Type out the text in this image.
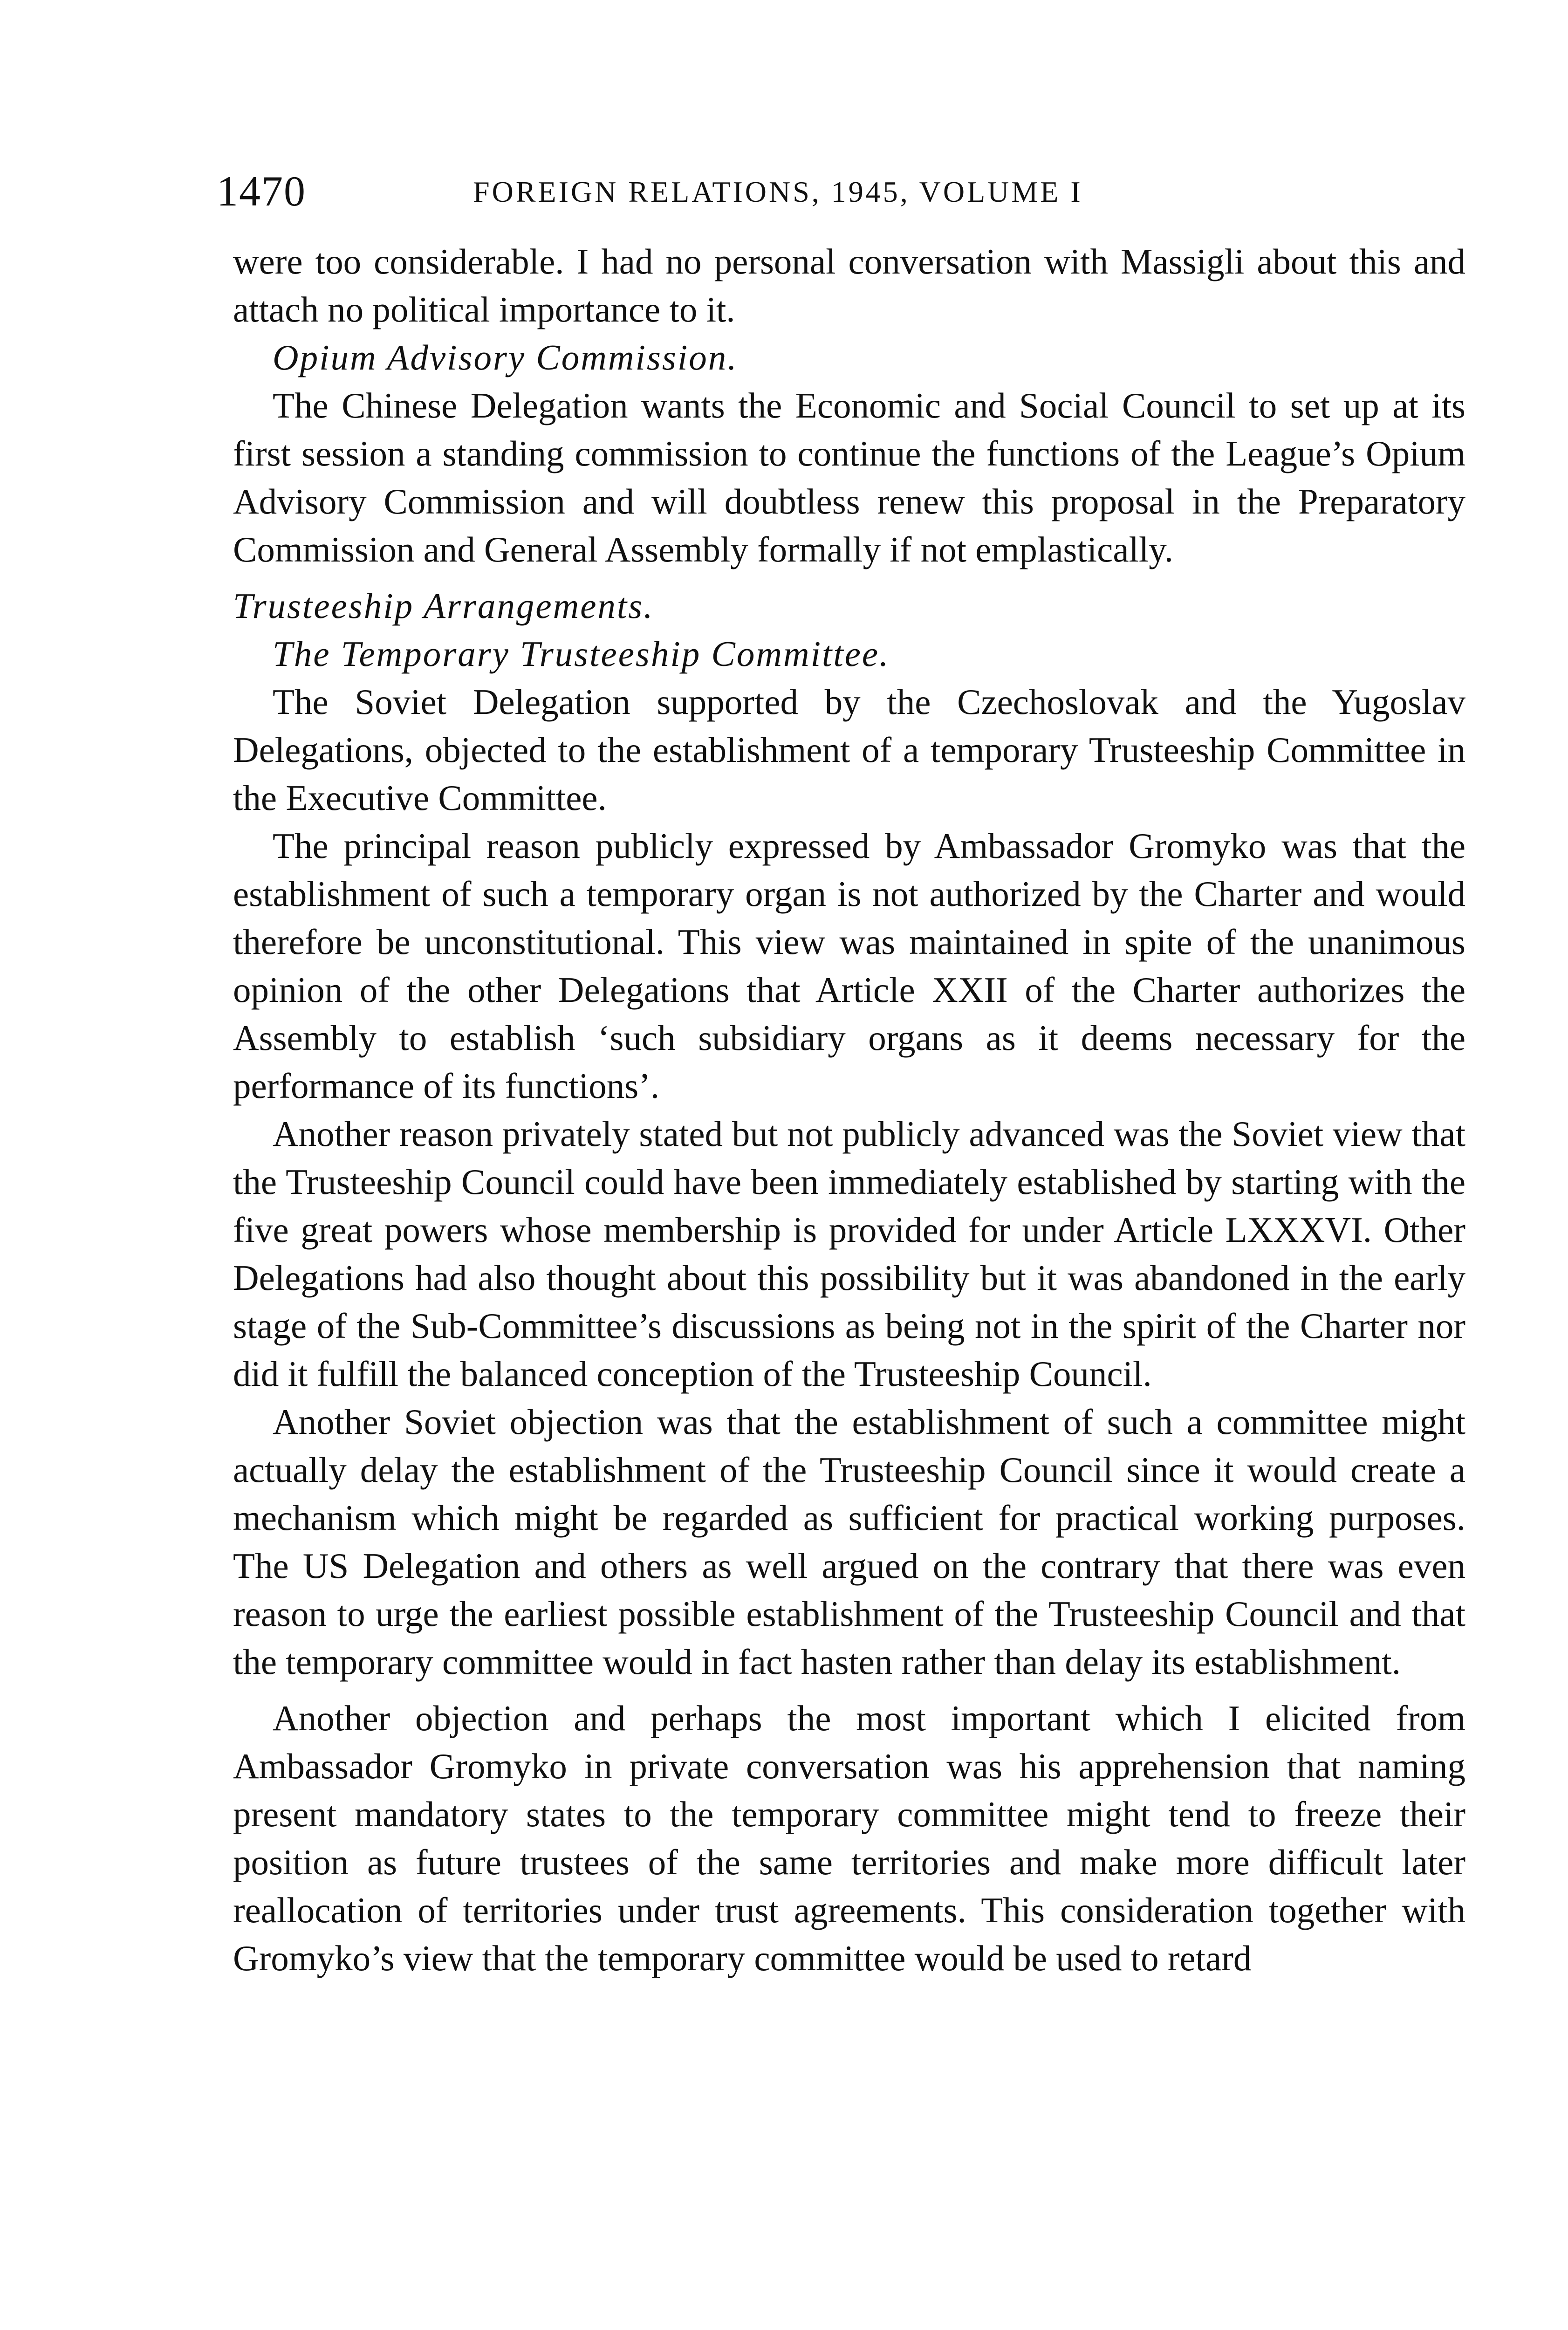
1470	FOREIGN RELATIONS, 1945, VOLUME I

were too considerable. I had no personal conversation with Massigli about this and attach no political importance to it.

Opium Advisory Commission.

The Chinese Delegation wants the Economic and Social Council to set up at its first session a standing commission to continue the functions of the League’s Opium Advisory Commission and will doubtless renew this proposal in the Preparatory Commission and General Assembly formally if not emplastically.

Trusteeship Arrangements.
The Temporary Trusteeship Committee.

The Soviet Delegation supported by the Czechoslovak and the Yugoslav Delegations, objected to the establishment of a temporary Trusteeship Committee in the Executive Committee.

The principal reason publicly expressed by Ambassador Gromyko was that the establishment of such a temporary organ is not authorized by the Charter and would therefore be unconstitutional. This view was maintained in spite of the unanimous opinion of the other Delegations that Article XXII of the Charter authorizes the Assembly to establish ‘such subsidiary organs as it deems necessary for the performance of its functions’.

Another reason privately stated but not publicly advanced was the Soviet view that the Trusteeship Council could have been immediately established by starting with the five great powers whose membership is provided for under Article LXXXVI. Other Delegations had also thought about this possibility but it was abandoned in the early stage of the Sub-Committee’s discussions as being not in the spirit of the Charter nor did it fulfill the balanced conception of the Trusteeship Council.

Another Soviet objection was that the establishment of such a committee might actually delay the establishment of the Trusteeship Council since it would create a mechanism which might be regarded as sufficient for practical working purposes. The US Delegation and others as well argued on the contrary that there was even reason to urge the earliest possible establishment of the Trusteeship Council and that the temporary committee would in fact hasten rather than delay its establishment.

Another objection and perhaps the most important which I elicited from Ambassador Gromyko in private conversation was his apprehension that naming present mandatory states to the temporary committee might tend to freeze their position as future trustees of the same territories and make more difficult later reallocation of territories under trust agreements. This consideration together with Gromyko’s view that the temporary committee would be used to retard
